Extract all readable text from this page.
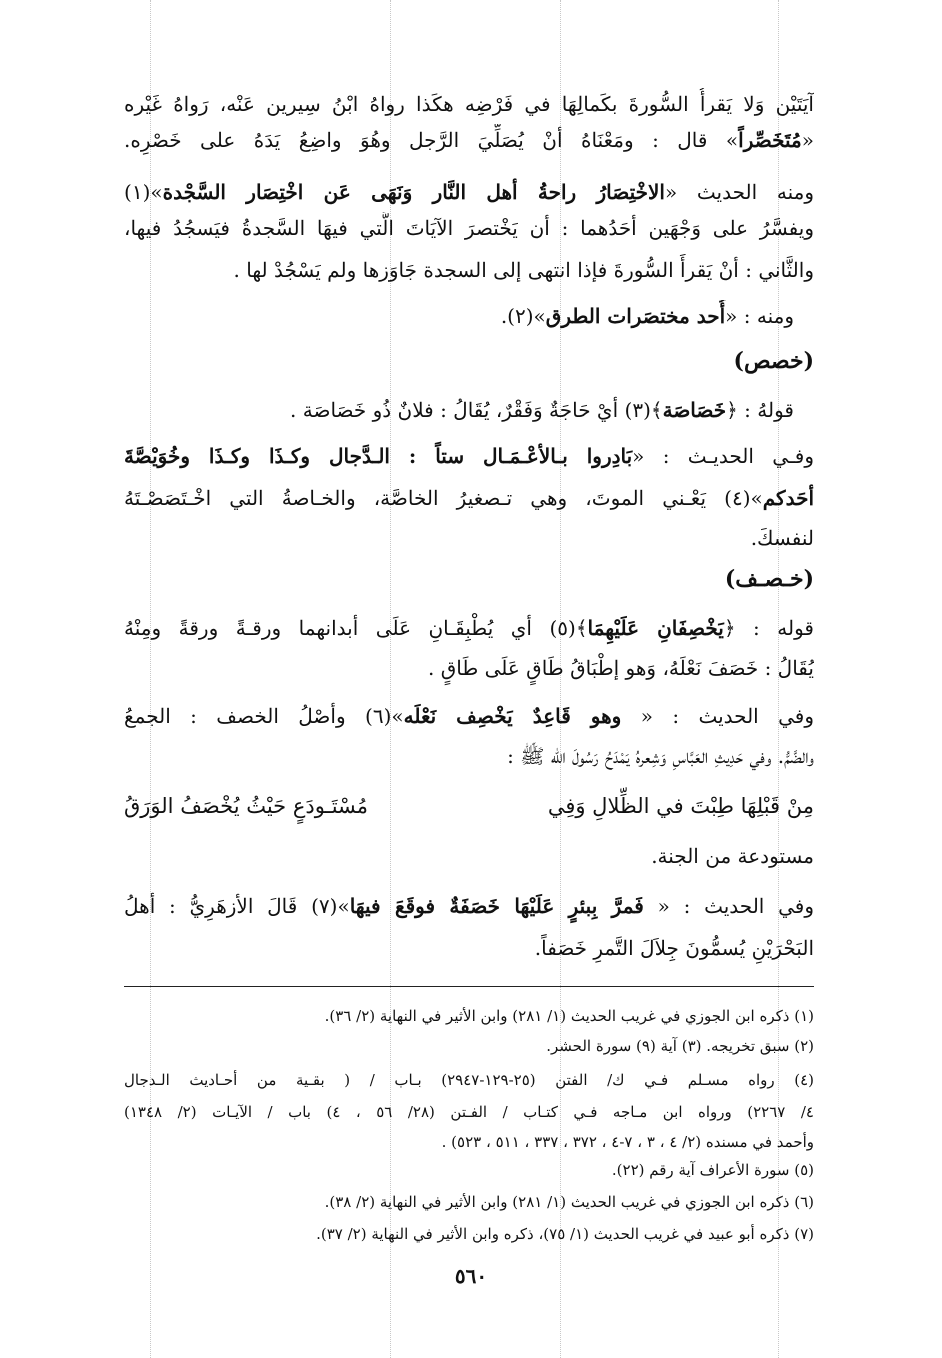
آيَتَيْن وَلا يَقرأُ السُّورةَ بكَمالِهَا في فَرْضِه هكَذا رواهُ ابْنُ سِيرين عَنْه، رَواهُ غَيْره
«مُتَخَصِّراً» قال : ومَعْنَاهُ أنْ يُصَلِّيَ الرَّجل وهُوَ واضِعُ يَدَهُ على خَصْرِه.
ومنه الحديث «الاخْتِصَارُ راحةُ أهل النَّار وَنَهَى عَن اخْتِصَار السَّجْدة»(١)
ويفسَّرُ على وَجْهَين أحَدُهما : أن يَخْتصرَ الآيَاتَ الَّتي فيهَا السَّجدةُ فيَسجُدُ فيها،
والثَّاني : أنْ يَقرأَ السُّورةَ فإذا انتهى إلى السجدة جَاوَزها ولم يَسْجُدْ لها .
ومنه : «أُحد مختصَرات الطرق»(٢).
(خصص)
قولهُ : ﴿خَصَاصَة﴾(٣) أيْ حَاجَةٌ وَفَقْرٌ، يُقَالُ : فلانٌ ذُو خَصَاصَة .
وفـي الحديـث : «بَادِروا بـالأعْـمَـال ستاً : الـدَّجال وكـذَا وكـذَا وخُوَيْصَّةَ
أحَدكم»(٤) يَعْـني الموتَ، وهي تـصغيرُ الخاصَّة، والخـاصةُ التي اخْـتَصَصْـتَهُ
لنفسكَ.
(خـصـف)
قوله : ﴿يَخْصِفَانِ عَلَيْهِمَا﴾(٥) أي يُطْبِقَـانِ عَلَى أبدانهما ورقـةً ورقةً ومِنْهُ
يُقَالُ : خَصَفَ نَعْلَهُ، وَهو إطْبَاقُ طَاقٍ عَلَى طَاقٍ .
وفي الحديث : « وهو قَاعِدٌ يَخْصِف نَعْلَه»(٦) وأصْلُ الخصف : الجمعُ
والضَّمُّ. وفي حَدِيثِ العَبَّاسِ وَشِعرهُ يَمْدَحُ رَسُولَ الله ﷺ :
مِنْ قَبْلِهَا طِبْتَ في الظِّلالِ وَفِي
مُسْتَـودَعٍ حَيْثُ يُخْصَفُ الوَرَقُ
مستودعة من الجنة.
وفي الحديث : « فَمرَّ بِبئرٍ عَلَيْهَا خَصَفَةٌ فوقَعَ فيهَا»(٧) قَالَ الأزهَرِيُّ : أهلُ
البَحْرَيْنِ يُسمُّونَ جِلاَلَ التَّمرِ خَصَفاً.
(١) ذكره ابن الجوزي في غريب الحديث (١/ ٢٨١) وابن الأثير في النهاية (٢/ ٣٦).
(٢) سبق تخريجه. (٣) آية (٩) سورة الحشر.
(٤) رواه مسـلم فـي ك/ الفتن (٢٥-١٢٩-٢٩٤٧) بـاب / ( بقـية من أحـاديث الـدجال
٤/ ٢٢٦٧) ورواه ابن مـاجه فـي كتـاب / الفـتن (٢٨/ ٥٦ ، ٤) باب / الآيـات (٢/ ١٣٤٨)
وأحمد في مسنده (٢/ ٤ ، ٣ ، ٧-٤ ، ٣٧٢ ، ٣٣٧ ، ٥١١ ، ٥٢٣) .
(٥) سورة الأعراف آية رقم (٢٢).
(٦) ذكره ابن الجوزي في غريب الحديث (١/ ٢٨١) وابن الأثير في النهاية (٢/ ٣٨).
(٧) ذكره أبو عبيد في غريب الحديث (١/ ٧٥)، ذكره وابن الأثير في النهاية (٢/ ٣٧).
٥٦٠
